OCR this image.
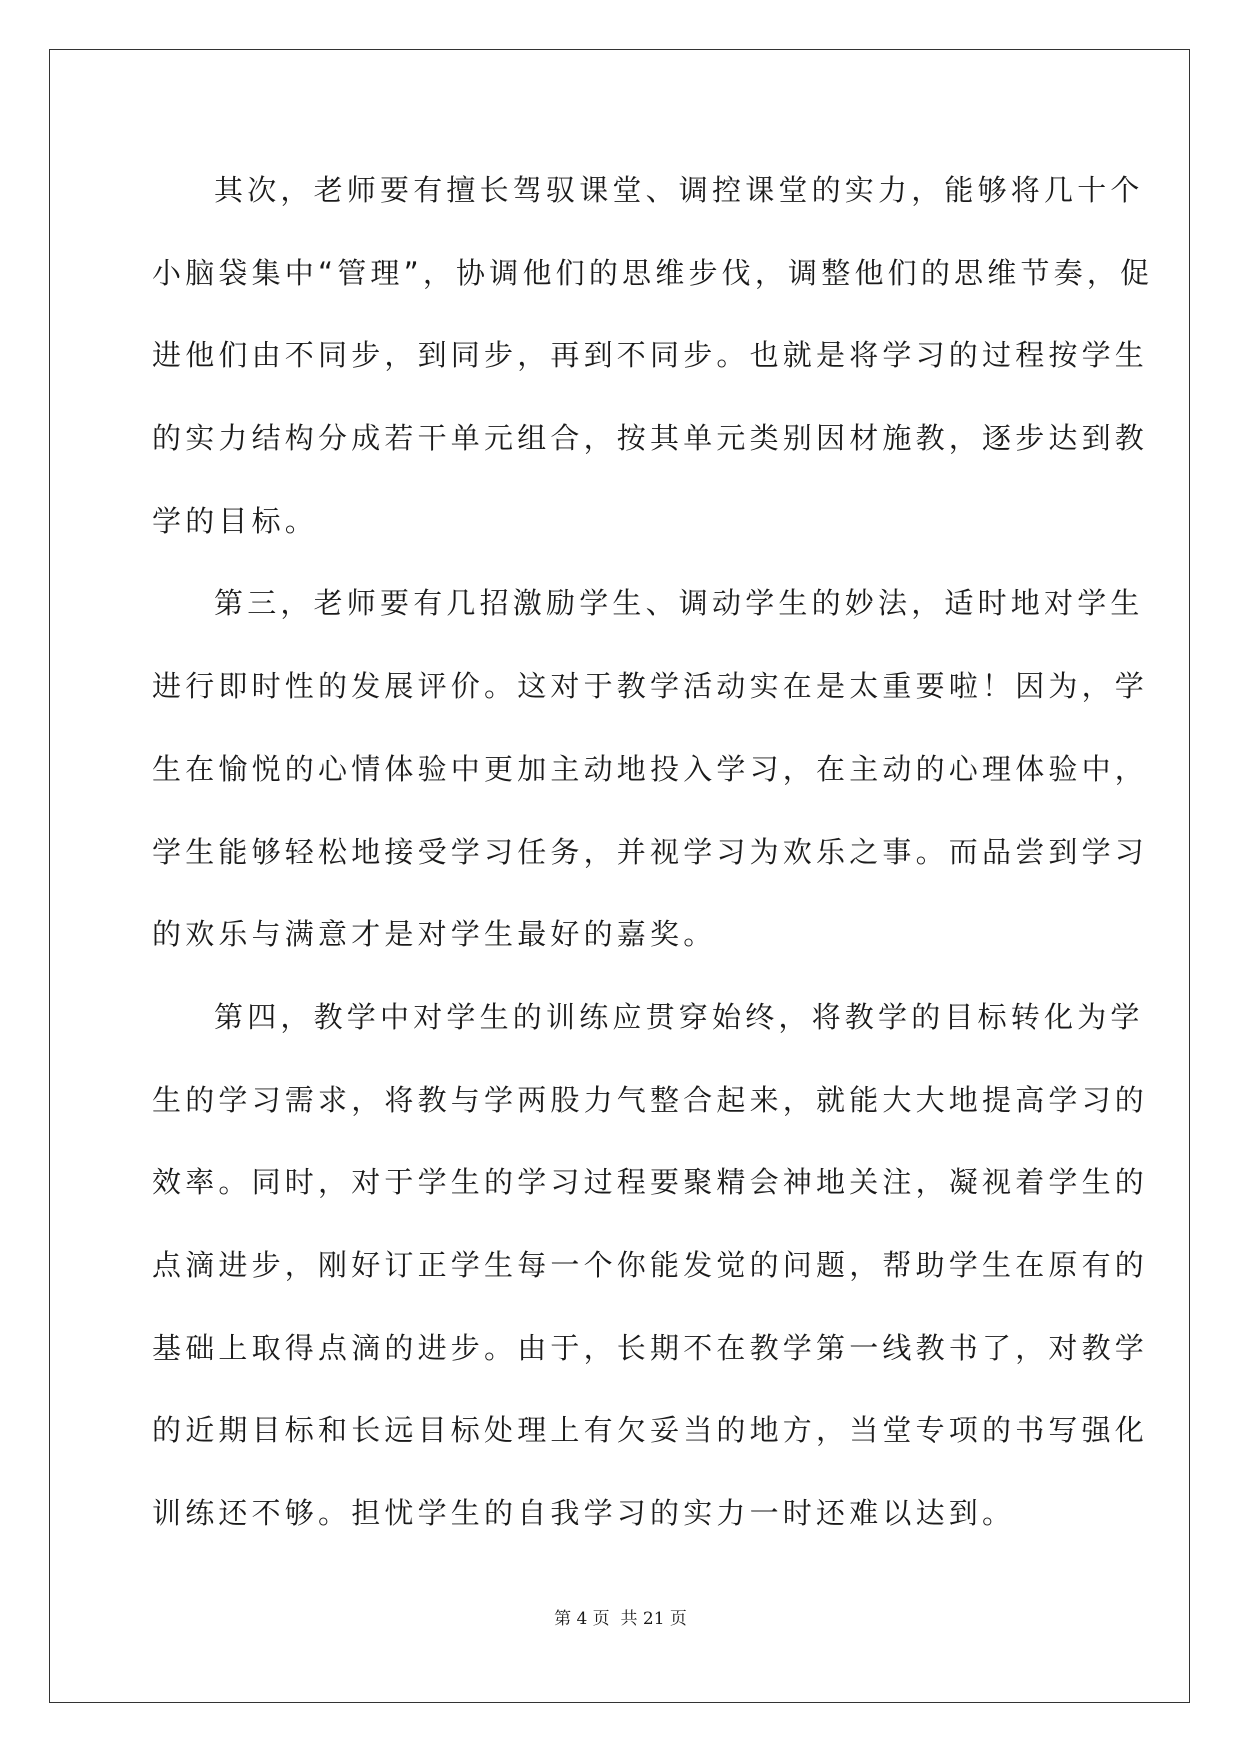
其次，老师要有擅长驾驭课堂、调控课堂的实力，能够将几十个
小脑袋集中“管理”，协调他们的思维步伐，调整他们的思维节奏，促
进他们由不同步，到同步，再到不同步。也就是将学习的过程按学生
的实力结构分成若干单元组合，按其单元类别因材施教，逐步达到教
学的目标。
第三，老师要有几招激励学生、调动学生的妙法，适时地对学生
进行即时性的发展评价。这对于教学活动实在是太重要啦！因为，学
生在愉悦的心情体验中更加主动地投入学习，在主动的心理体验中，
学生能够轻松地接受学习任务，并视学习为欢乐之事。而品尝到学习
的欢乐与满意才是对学生最好的嘉奖。
第四，教学中对学生的训练应贯穿始终，将教学的目标转化为学
生的学习需求，将教与学两股力气整合起来，就能大大地提高学习的
效率。同时，对于学生的学习过程要聚精会神地关注，凝视着学生的
点滴进步，刚好订正学生每一个你能发觉的问题，帮助学生在原有的
基础上取得点滴的进步。由于，长期不在教学第一线教书了，对教学
的近期目标和长远目标处理上有欠妥当的地方，当堂专项的书写强化
训练还不够。担忧学生的自我学习的实力一时还难以达到。
第 4 页  共 21 页
